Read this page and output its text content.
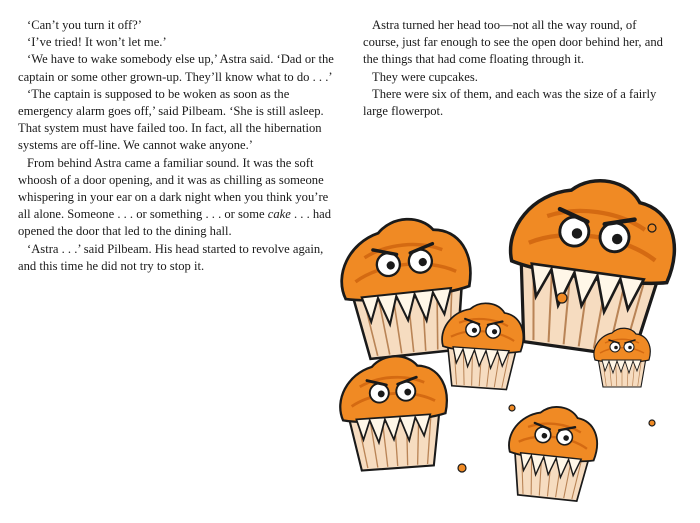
‘Can’t you turn it off?’

‘I’ve tried! It won’t let me.’

‘We have to wake somebody else up,’ Astra said. ‘Dad or the captain or some other grown-up. They’ll know what to do . . .’

‘The captain is supposed to be woken as soon as the emergency alarm goes off,’ said Pilbeam. ‘She is still asleep. That system must have failed too. In fact, all the hibernation systems are off-line. We cannot wake anyone.’

From behind Astra came a familiar sound. It was the soft whoosh of a door opening, and it was as chilling as someone whispering in your ear on a dark night when you think you’re all alone. Someone . . . or something . . . or some cake . . . had opened the door that led to the dining hall.

‘Astra . . .’ said Pilbeam. His head started to revolve again, and this time he did not try to stop it.

Astra turned her head too—not all the way round, of course, just far enough to see the open door behind her, and the things that had come floating through it.

They were cupcakes.

There were six of them, and each was the size of a fairly large flowerpot.
